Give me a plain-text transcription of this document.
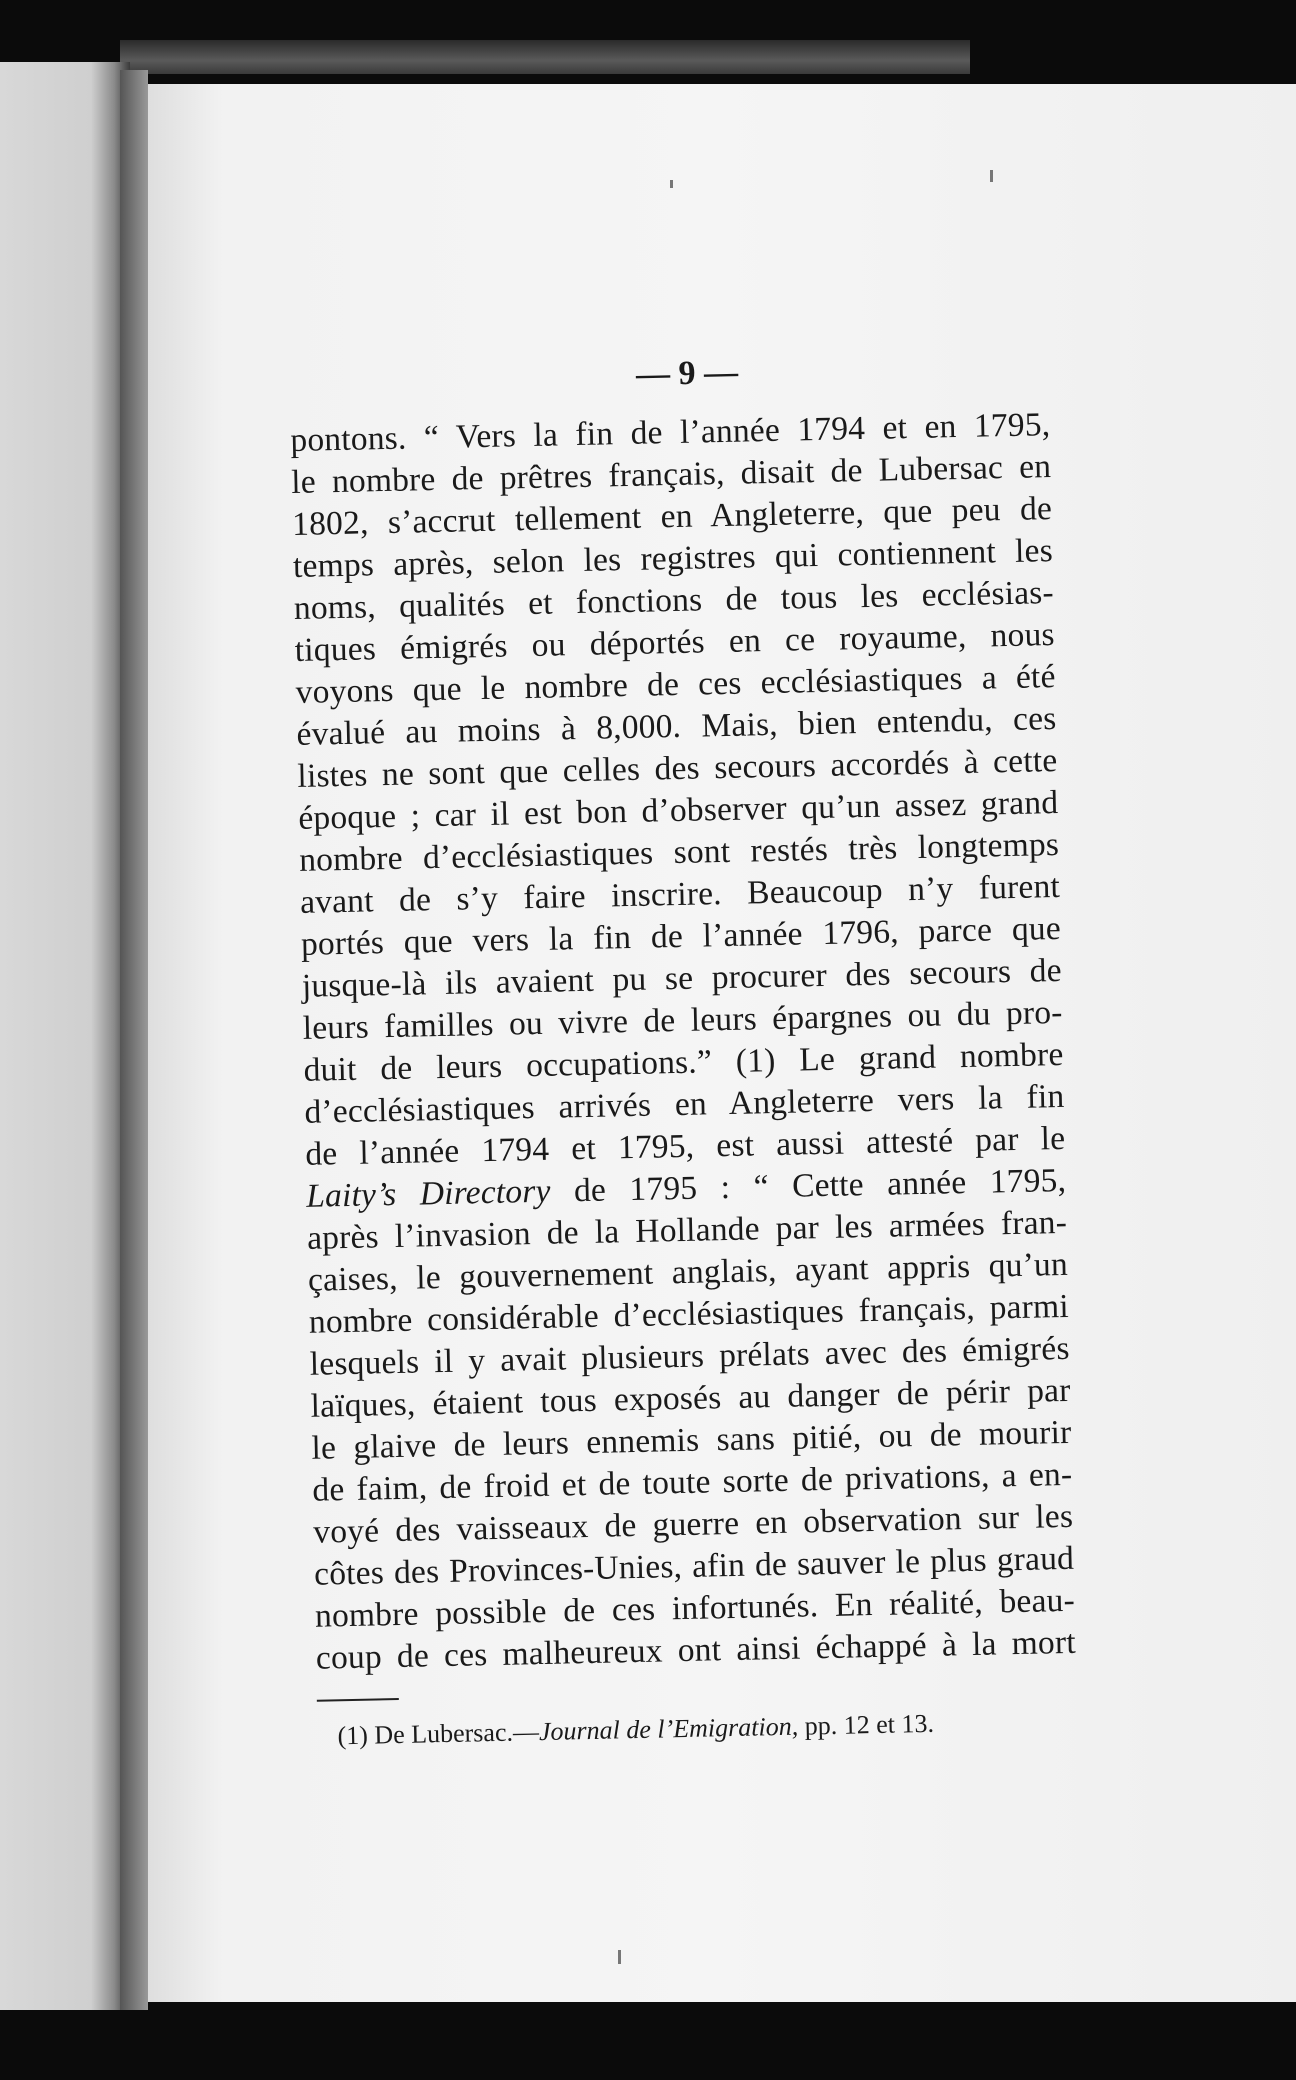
— 9 —
pontons. “ Vers la fin de l’année 1794 et en 1795,
le nombre de prêtres français, disait de Lubersac en
1802, s’accrut tellement en Angleterre, que peu de
temps après, selon les registres qui contiennent les
noms, qualités et fonctions de tous les ecclésias-
tiques émigrés ou déportés en ce royaume, nous
voyons que le nombre de ces ecclésiastiques a été
évalué au moins à 8,000. Mais, bien entendu, ces
listes ne sont que celles des secours accordés à cette
époque ; car il est bon d’observer qu’un assez grand
nombre d’ecclésiastiques sont restés très longtemps
avant de s’y faire inscrire. Beaucoup n’y furent
portés que vers la fin de l’année 1796, parce que
jusque-là ils avaient pu se procurer des secours de
leurs familles ou vivre de leurs épargnes ou du pro-
duit de leurs occupations.” (1) Le grand nombre
d’ecclésiastiques arrivés en Angleterre vers la fin
de l’année 1794 et 1795, est aussi attesté par le
Laity’s Directory de 1795 : “ Cette année 1795,
après l’invasion de la Hollande par les armées fran-
çaises, le gouvernement anglais, ayant appris qu’un
nombre considérable d’ecclésiastiques français, parmi
lesquels il y avait plusieurs prélats avec des émigrés
laïques, étaient tous exposés au danger de périr par
le glaive de leurs ennemis sans pitié, ou de mourir
de faim, de froid et de toute sorte de privations, a en-
voyé des vaisseaux de guerre en observation sur les
côtes des Provinces-Unies, afin de sauver le plus graud
nombre possible de ces infortunés. En réalité, beau-
coup de ces malheureux ont ainsi échappé à la mort
(1) De Lubersac.—Journal de l’Emigration, pp. 12 et 13.
